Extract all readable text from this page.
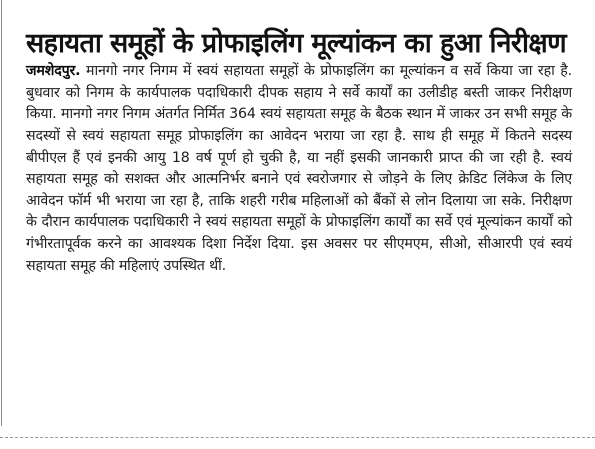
सहायता समूहों के प्रोफाइलिंग मूल्यांकन का हुआ निरीक्षण

जमशेदपुर. मानगो नगर निगम में स्वयं सहायता समूहों के प्रोफाइलिंग का मूल्यांकन व सर्वे किया जा रहा है. बुधवार को निगम के कार्यपालक पदाधिकारी दीपक सहाय ने सर्वे कार्यों का उलीडीह बस्ती जाकर निरीक्षण किया. मानगो नगर निगम अंतर्गत निर्मित 364 स्वयं सहायता समूह के बैठक स्थान में जाकर उन सभी समूह के सदस्यों से स्वयं सहायता समूह प्रोफाइलिंग का आवेदन भराया जा रहा है. साथ ही समूह में कितने सदस्य बीपीएल हैं एवं इनकी आयु 18 वर्ष पूर्ण हो चुकी है, या नहीं इसकी जानकारी प्राप्त की जा रही है. स्वयं सहायता समूह को सशक्त और आत्मनिर्भर बनाने एवं स्वरोजगार से जोड़ने के लिए क्रेडिट लिंकेज के लिए आवेदन फॉर्म भी भराया जा रहा है, ताकि शहरी गरीब महिलाओं को बैंकों से लोन दिलाया जा सके. निरीक्षण के दौरान कार्यपालक पदाधिकारी ने स्वयं सहायता समूहों के प्रोफाइलिंग कार्यों का सर्वे एवं मूल्यांकन कार्यों को गंभीरतापूर्वक करने का आवश्यक दिशा निर्देश दिया. इस अवसर पर सीएमएम, सीओ, सीआरपी एवं स्वयं सहायता समूह की महिलाएं उपस्थित थीं.
